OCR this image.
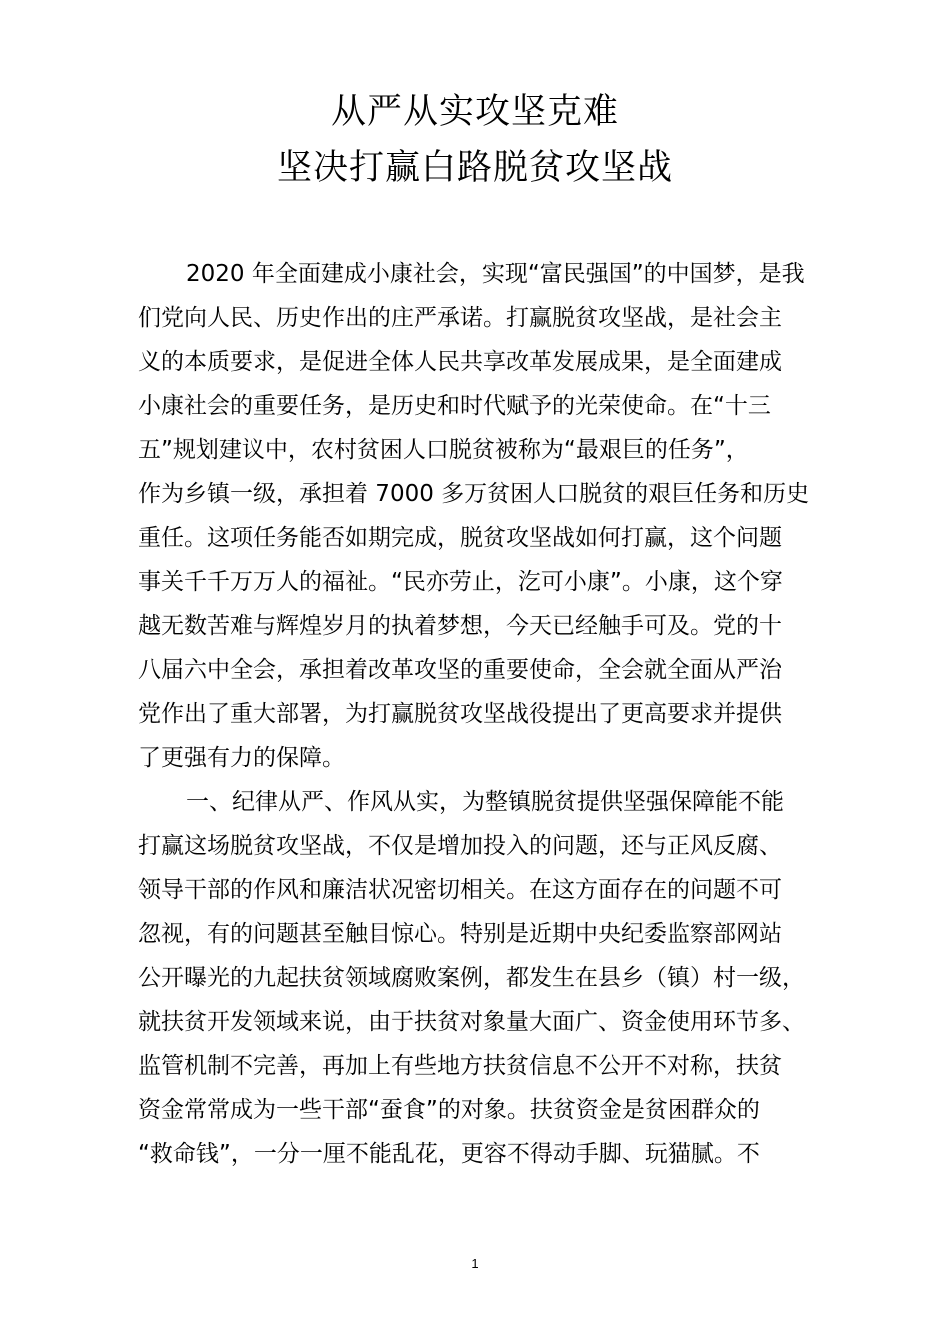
从严从实攻坚克难
坚决打赢白路脱贫攻坚战
2020 年全面建成小康社会，实现“富民强国”的中国梦，是我
们党向人民、历史作出的庄严承诺。打赢脱贫攻坚战，是社会主
义的本质要求，是促进全体人民共享改革发展成果，是全面建成
小康社会的重要任务，是历史和时代赋予的光荣使命。在“十三
五”规划建议中，农村贫困人口脱贫被称为“最艰巨的任务”，
作为乡镇一级，承担着 7000 多万贫困人口脱贫的艰巨任务和历史
重任。这项任务能否如期完成，脱贫攻坚战如何打赢，这个问题
事关千千万万人的福祉。“民亦劳止，汔可小康”。小康，这个穿
越无数苦难与辉煌岁月的执着梦想，今天已经触手可及。党的十
八届六中全会，承担着改革攻坚的重要使命，全会就全面从严治
党作出了重大部署，为打赢脱贫攻坚战役提出了更高要求并提供
了更强有力的保障。
一、纪律从严、作风从实，为整镇脱贫提供坚强保障能不能
打赢这场脱贫攻坚战，不仅是增加投入的问题，还与正风反腐、
领导干部的作风和廉洁状况密切相关。在这方面存在的问题不可
忽视，有的问题甚至触目惊心。特别是近期中央纪委监察部网站
公开曝光的九起扶贫领域腐败案例，都发生在县乡（镇）村一级，
就扶贫开发领域来说，由于扶贫对象量大面广、资金使用环节多、
监管机制不完善，再加上有些地方扶贫信息不公开不对称，扶贫
资金常常成为一些干部“蚕食”的对象。扶贫资金是贫困群众的
“救命钱”，一分一厘不能乱花，更容不得动手脚、玩猫腻。不
1
